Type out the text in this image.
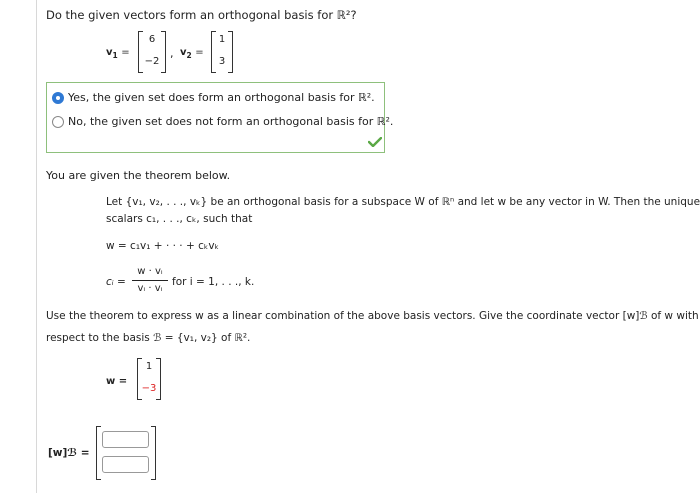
Do the given vectors form an orthogonal basis for ℝ²?
$v_1$ =
6
−2
, $v_2$ =
1
3
Yes, the given set does form an orthogonal basis for ℝ².
No, the given set does not form an orthogonal basis for ℝ².
You are given the theorem below.
Let {v₁, v₂, . . ., vₖ} be an orthogonal basis for a subspace W of ℝⁿ and let w be any vector in W. Then the unique
scalars c₁, . . ., cₖ, such that
w = c₁v₁ + · · · + cₖvₖ
cᵢ =
w · vᵢ
vᵢ · vᵢ
for i = 1, . . ., k.
Use the theorem to express w as a linear combination of the above basis vectors. Give the coordinate vector [w]ℬ of w with
respect to the basis ℬ = {v₁, v₂} of ℝ².
w =
1
−3
[w]ℬ =
